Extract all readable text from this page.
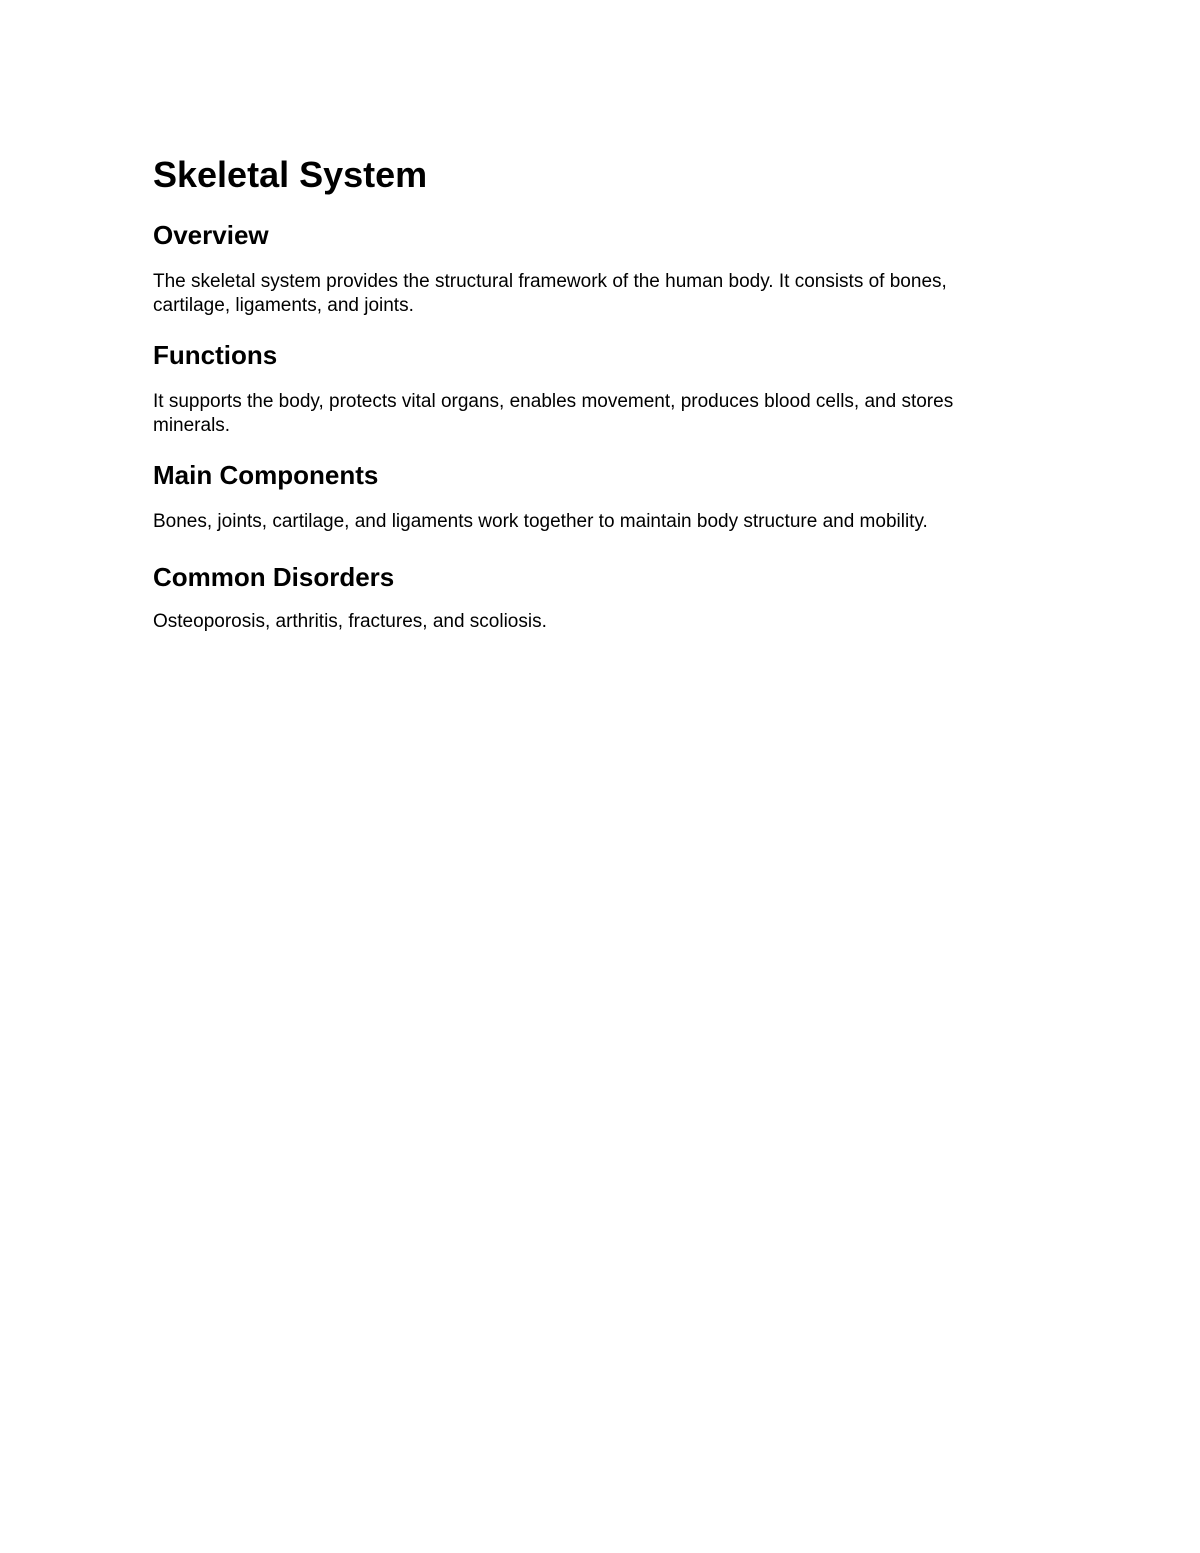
Skeletal System
Overview

The skeletal system provides the structural framework of the human body. It consists of bones, cartilage, ligaments, and joints.

Functions

It supports the body, protects vital organs, enables movement, produces blood cells, and stores minerals.

Main Components

Bones, joints, cartilage, and ligaments work together to maintain body structure and mobility.

Common Disorders

Osteoporosis, arthritis, fractures, and scoliosis.
